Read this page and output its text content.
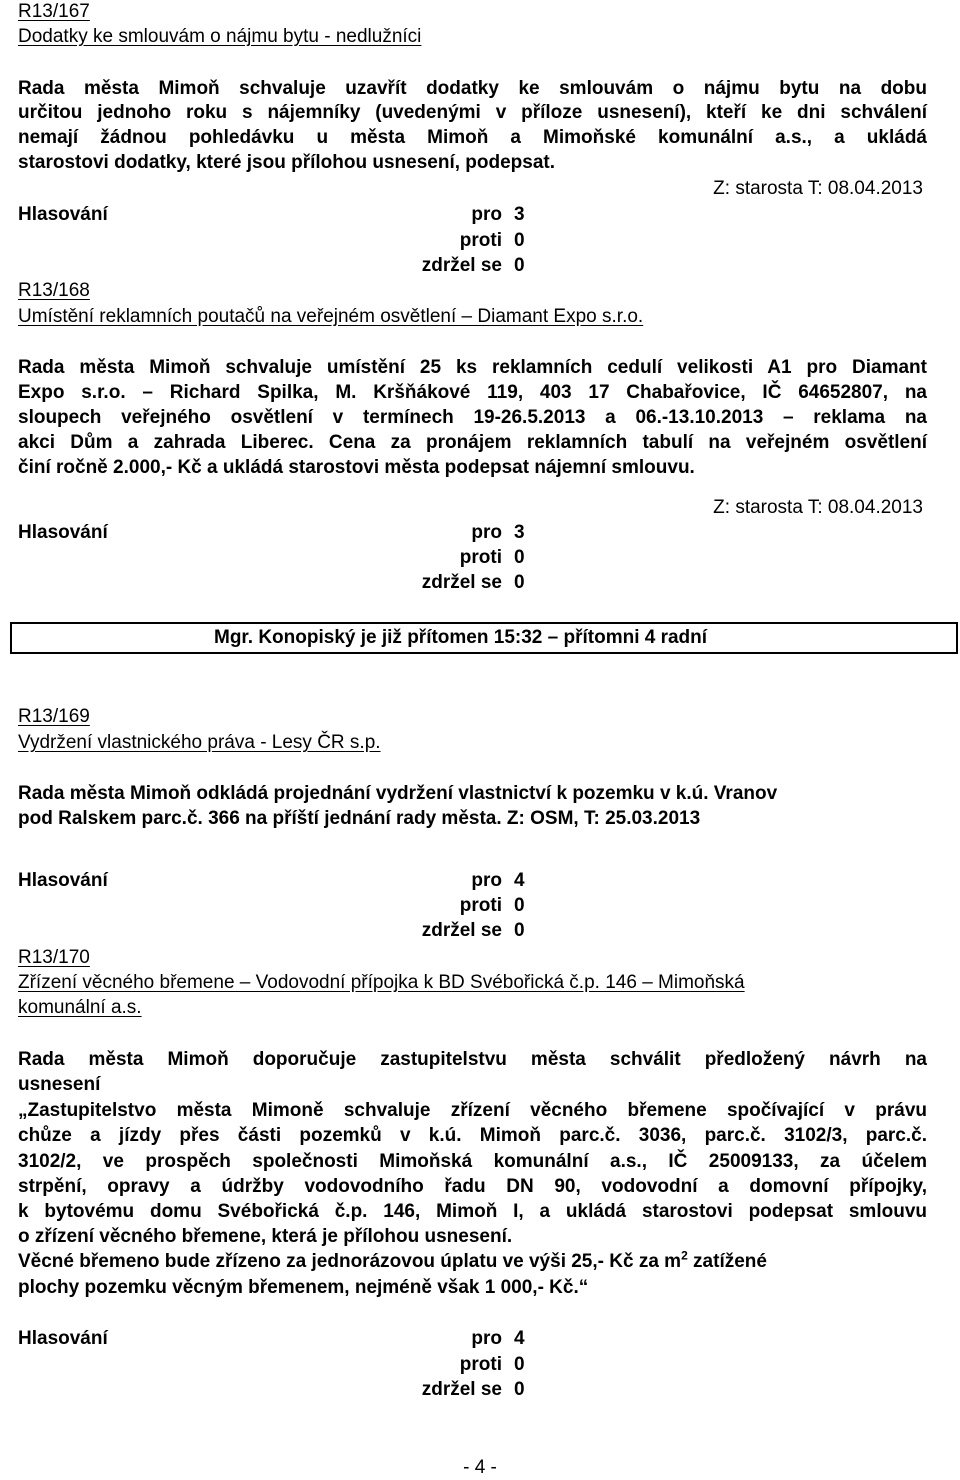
R13/167
Dodatky ke smlouvám o nájmu bytu - nedlužníci
Rada města Mimoň schvaluje uzavřít dodatky ke smlouvám o nájmu bytu na dobu
určitou jednoho roku s nájemníky (uvedenými v příloze usnesení), kteří ke dni schválení
nemají žádnou pohledávku u města Mimoň a Mimoňské komunální a.s., a ukládá
starostovi dodatky, které jsou přílohou usnesení, podepsat.
Z: starosta T: 08.04.2013
Hlasování	pro 3
proti 0
zdržel se 0
R13/168
Umístění reklamních poutačů na veřejném osvětlení – Diamant Expo s.r.o.
Rada města Mimoň schvaluje umístění 25 ks reklamních cedulí velikosti A1 pro Diamant
Expo s.r.o. – Richard Spilka, M. Kršňákové 119, 403 17 Chabařovice, IČ 64652807, na
sloupech veřejného osvětlení v termínech 19-26.5.2013 a 06.-13.10.2013 – reklama na
akci Dům a zahrada Liberec. Cena za pronájem reklamních tabulí na veřejném osvětlení
činí ročně 2.000,- Kč a ukládá starostovi města podepsat nájemní smlouvu.
Z: starosta T: 08.04.2013
Hlasování	pro 3
proti 0
zdržel se 0
Mgr. Konopiský je již přítomen 15:32 – přítomni 4 radní
R13/169
Vydržení vlastnického práva - Lesy ČR s.p.
Rada města Mimoň odkládá projednání vydržení vlastnictví k pozemku v k.ú. Vranov
pod Ralskem parc.č. 366 na příští jednání rady města. Z: OSM, T: 25.03.2013
Hlasování	pro 4
proti 0
zdržel se 0
R13/170
Zřízení věcného břemene – Vodovodní přípojka k BD Svébořická č.p. 146 – Mimoňská
komunální a.s.
Rada města Mimoň doporučuje zastupitelstvu města schválit předložený návrh na
usnesení
„Zastupitelstvo města Mimoně schvaluje zřízení věcného břemene spočívající v právu
chůze a jízdy přes části pozemků v k.ú. Mimoň parc.č. 3036, parc.č. 3102/3, parc.č.
3102/2, ve prospěch společnosti Mimoňská komunální a.s., IČ 25009133, za účelem
strpění, opravy a údržby vodovodního řadu DN 90, vodovodní a domovní přípojky,
k bytovému domu Svébořická č.p. 146, Mimoň I, a ukládá starostovi podepsat smlouvu
o zřízení věcného břemene, která je přílohou usnesení.
Věcné břemeno bude zřízeno za jednorázovou úplatu ve výši 25,- Kč za $m^2$ zatížené
plochy pozemku věcným břemenem, nejméně však 1 000,- Kč.“
Hlasování	pro 4
proti 0
zdržel se 0
- 4 -
